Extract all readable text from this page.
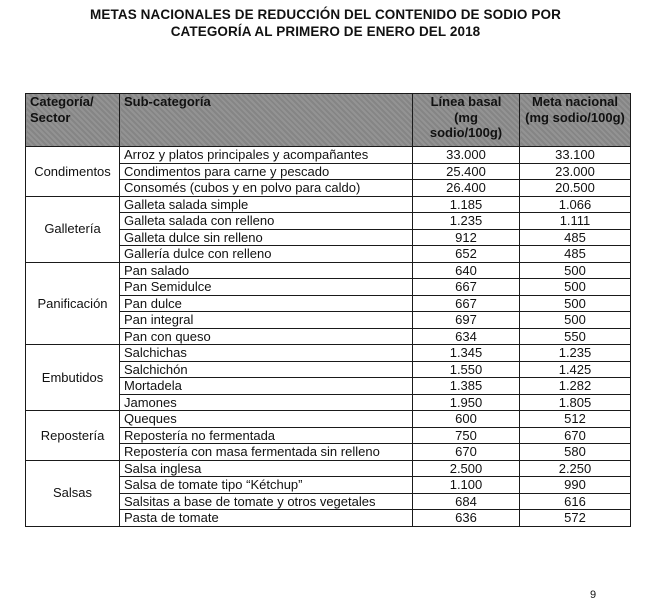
METAS NACIONALES DE REDUCCIÓN DEL CONTENIDO DE SODIO POR
CATEGORÍA AL PRIMERO DE ENERO DEL 2018
Categoría/ Sector	Sub-categoría	Línea basal (mg sodio/100g)	Meta nacional (mg sodio/100g)
Condimentos	Arroz y platos principales y acompañantes	33.000	33.100
	Condimentos para carne y pescado	25.400	23.000
	Consomés (cubos y en polvo para caldo)	26.400	20.500
Galletería	Galleta salada simple	1.185	1.066
	Galleta salada con relleno	1.235	1.111
	Galleta dulce sin relleno	912	485
	Gallería dulce con relleno	652	485
Panificación	Pan salado	640	500
	Pan Semidulce	667	500
	Pan dulce	667	500
	Pan integral	697	500
	Pan con queso	634	550
Embutidos	Salchichas	1.345	1.235
	Salchichón	1.550	1.425
	Mortadela	1.385	1.282
	Jamones	1.950	1.805
Repostería	Queques	600	512
	Repostería no fermentada	750	670
	Repostería con masa fermentada sin relleno	670	580
Salsas	Salsa inglesa	2.500	2.250
	Salsa de tomate tipo “Kétchup”	1.100	990
	Salsitas a base de tomate y otros vegetales	684	616
	Pasta de tomate	636	572
9
